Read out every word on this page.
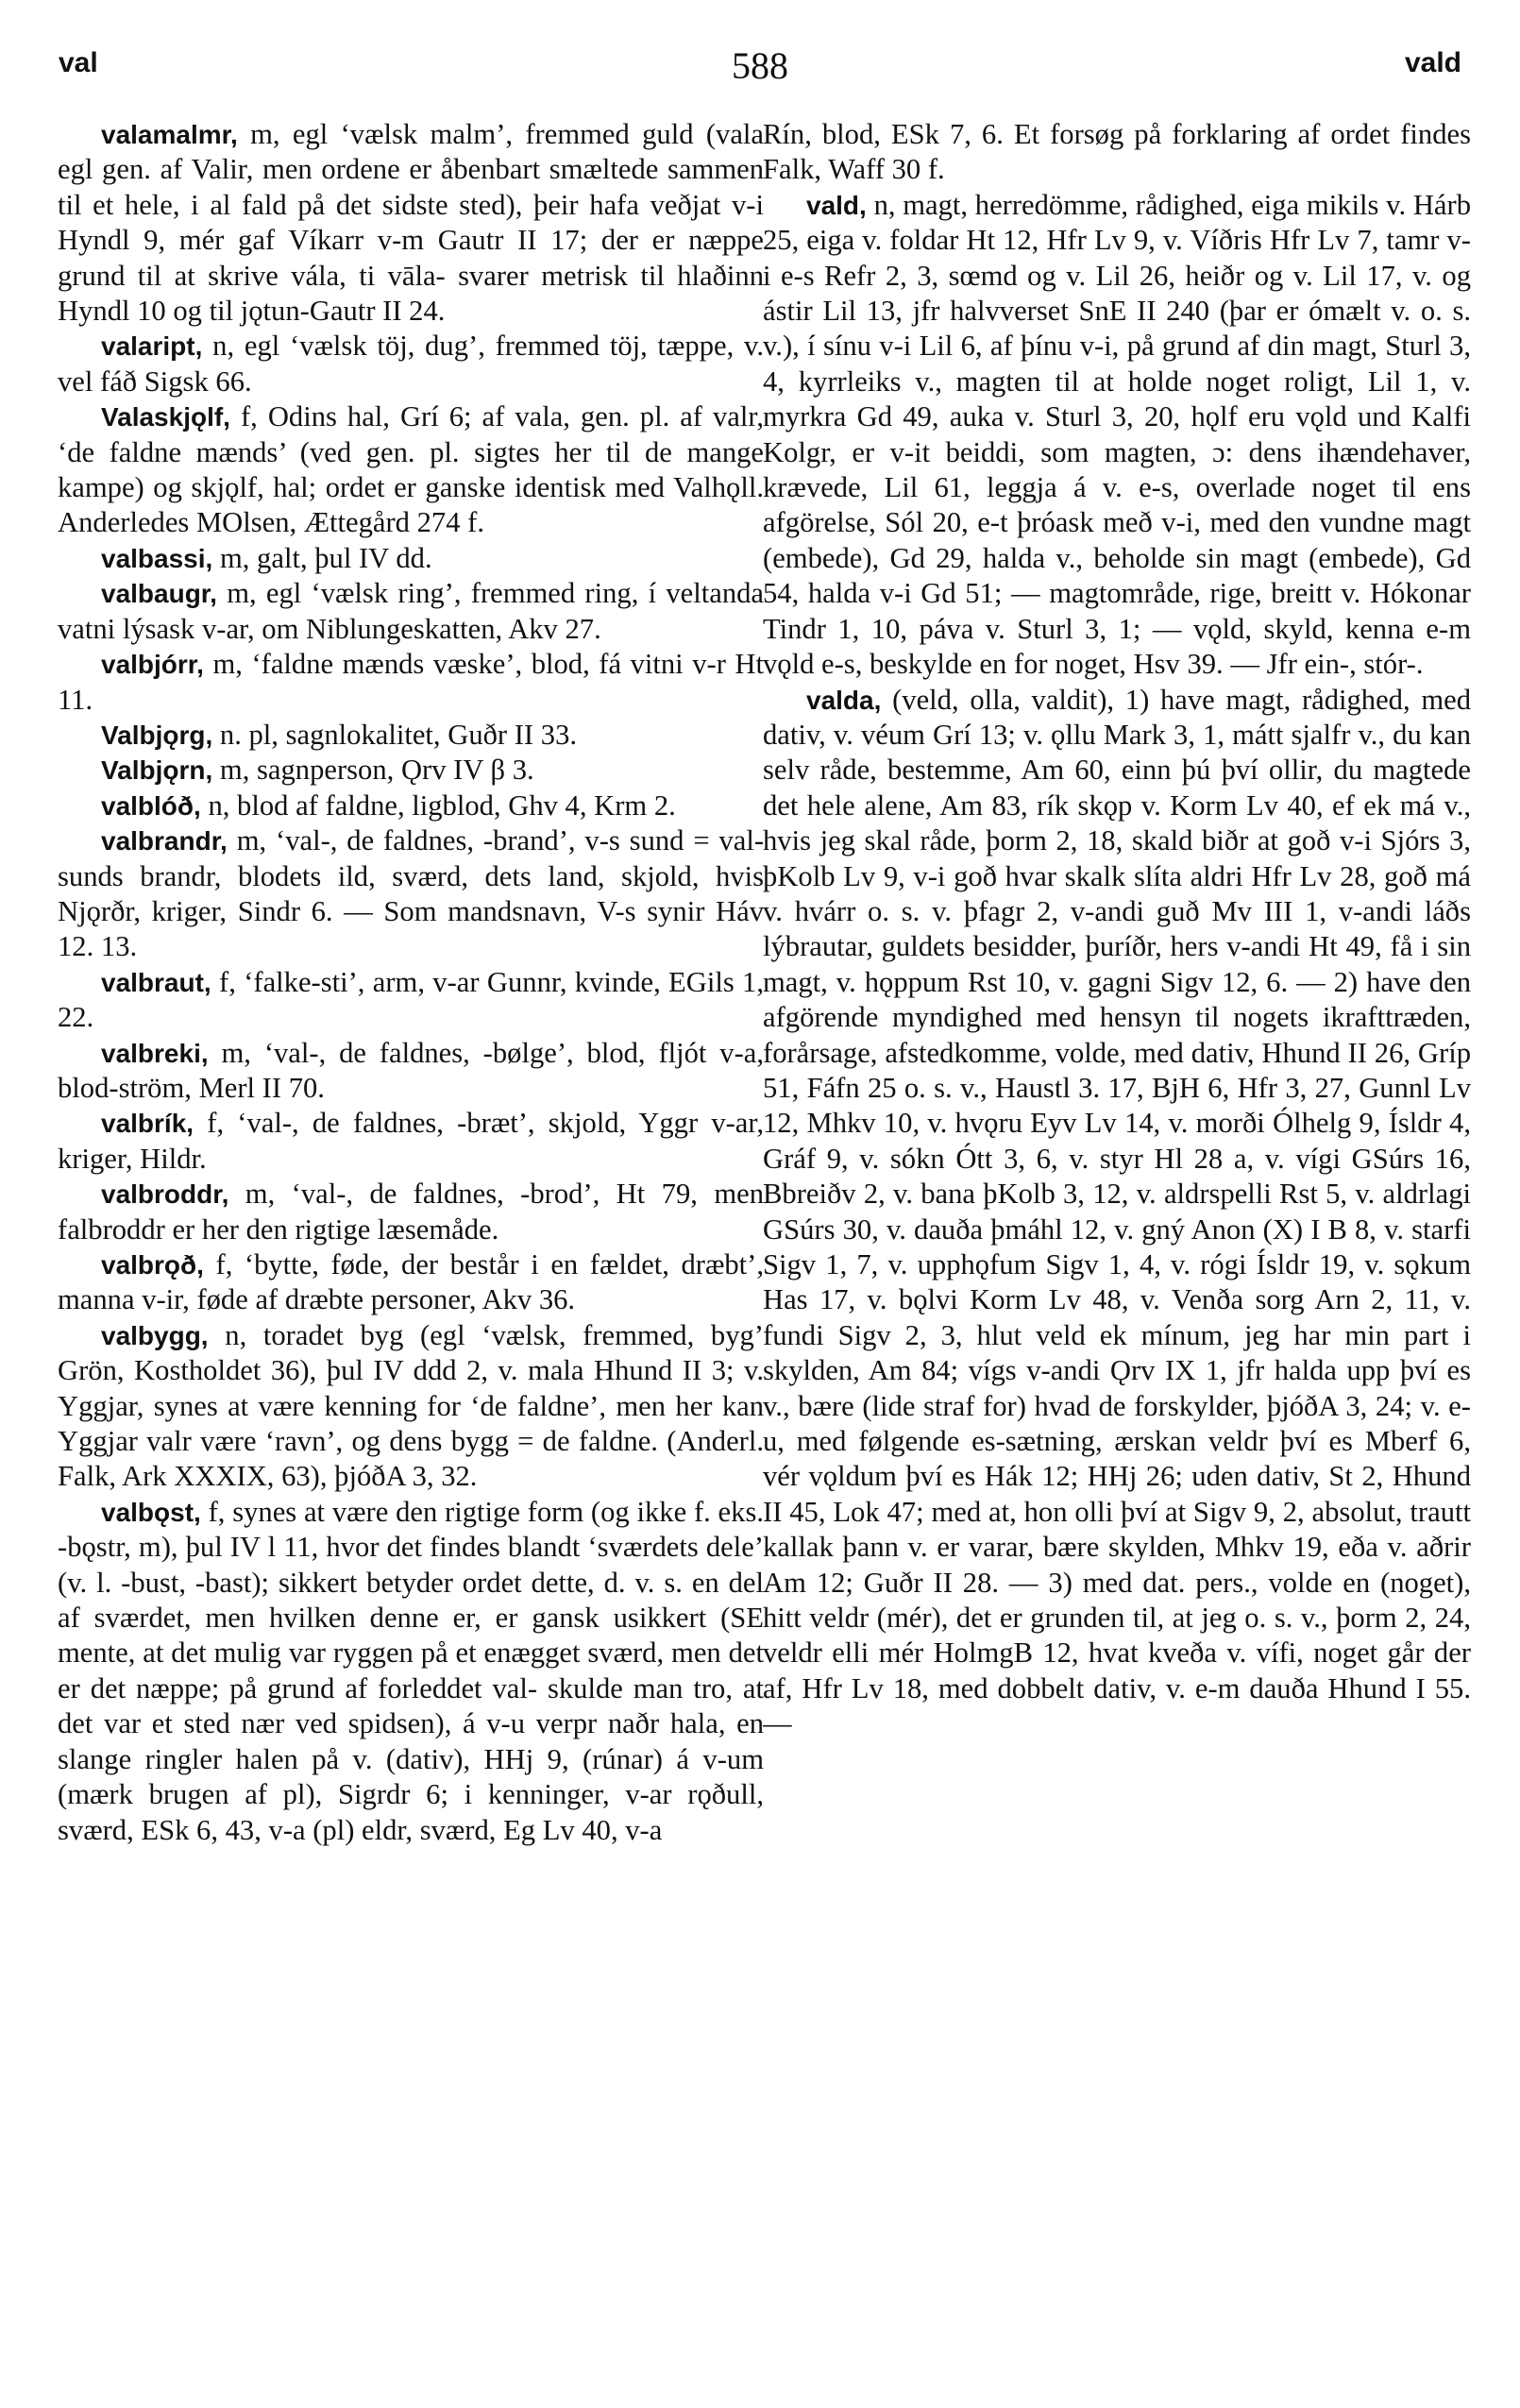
val	588	vald

valamalmr, m, egl ‘vælsk malm’, fremmed guld (vala egl gen. af Valir, men ordene er åbenbart smæltede sammen til et hele, i al fald på det sidste sted), þeir hafa veðjat v-i Hyndl 9, mér gaf Víkarr v-m Gautr II 17; der er næppe grund til at skrive vála, ti vāla- svarer metrisk til hlaðinn Hyndl 10 og til jǫtun-Gautr II 24.

valaript, n, egl ‘vælsk töj, dug’, fremmed töj, tæppe, v. vel fáð Sigsk 66.

Valaskjǫlf, f, Odins hal, Grí 6; af vala, gen. pl. af valr, ‘de faldne mænds’ (ved gen. pl. sigtes her til de mange kampe) og skjǫlf, hal; ordet er ganske identisk med Valhǫll. Anderledes MOlsen, Ættegård 274 f.

valbassi, m, galt, þul IV dd.

valbaugr, m, egl ‘vælsk ring’, fremmed ring, í veltanda vatni lýsask v-ar, om Niblungeskatten, Akv 27.

valbjórr, m, ‘faldne mænds væske’, blod, fá vitni v-r Ht 11.

Valbjǫrg, n. pl, sagnlokalitet, Guðr II 33.

Valbjǫrn, m, sagnperson, Ǫrv IV β 3.

valblóð, n, blod af faldne, ligblod, Ghv 4, Krm 2.

valbrandr, m, ‘val-, de faldnes, -brand’, v-s sund = val-sunds brandr, blodets ild, sværd, dets land, skjold, hvis Njǫrðr, kriger, Sindr 6. — Som mandsnavn, V-s synir Háv 12. 13.

valbraut, f, ‘falke-sti’, arm, v-ar Gunnr, kvinde, EGils 1, 22.

valbreki, m, ‘val-, de faldnes, -bølge’, blod, fljót v-a, blod-ström, Merl II 70.

valbrík, f, ‘val-, de faldnes, -bræt’, skjold, Yggr v-ar, kriger, Hildr.

valbroddr, m, ‘val-, de faldnes, -brod’, Ht 79, men falbroddr er her den rigtige læsemåde.

valbrǫð, f, ‘bytte, føde, der består i en fældet, dræbt’, manna v-ir, føde af dræbte personer, Akv 36.

valbygg, n, toradet byg (egl ‘vælsk, fremmed, byg’ Grön, Kostholdet 36), þul IV ddd 2, v. mala Hhund II 3; v. Yggjar, synes at være kenning for ‘de faldne’, men her kan Yggjar valr være ‘ravn’, og dens bygg = de faldne. (Anderl. Falk, Ark XXXIX, 63), þjóðA 3, 32.

valbǫst, f, synes at være den rigtige form (og ikke f. eks. -bǫstr, m), þul IV l 11, hvor det findes blandt ‘sværdets dele’ (v. l. -bust, -bast); sikkert betyder ordet dette, d. v. s. en del af sværdet, men hvilken denne er, er gansk usikkert (SE mente, at det mulig var ryggen på et enægget sværd, men det er det næppe; på grund af forleddet val- skulde man tro, at det var et sted nær ved spidsen), á v-u verpr naðr hala, en slange ringler halen på v. (dativ), HHj 9, (rúnar) á v-um (mærk brugen af pl), Sigrdr 6; i kenninger, v-ar rǫðull, sværd, ESk 6, 43, v-a (pl) eldr, sværd, Eg Lv 40, v-a

Rín, blod, ESk 7, 6. Et forsøg på forklaring af ordet findes Falk, Waff 30 f.

vald, n, magt, herredömme, rådighed, eiga mikils v. Hárb 25, eiga v. foldar Ht 12, Hfr Lv 9, v. Víðris Hfr Lv 7, tamr v-i e-s Refr 2, 3, sœmd og v. Lil 26, heiðr og v. Lil 17, v. og ástir Lil 13, jfr halvverset SnE II 240 (þar er ómælt v. o. s. v.), í sínu v-i Lil 6, af þínu v-i, på grund af din magt, Sturl 3, 4, kyrrleiks v., magten til at holde noget roligt, Lil 1, v. myrkra Gd 49, auka v. Sturl 3, 20, hǫlf eru vǫld und Kalfi Kolgr, er v-it beiddi, som magten, ɔ: dens ihændehaver, krævede, Lil 61, leggja á v. e-s, overlade noget til ens afgörelse, Sól 20, e-t þróask með v-i, med den vundne magt (embede), Gd 29, halda v., beholde sin magt (embede), Gd 54, halda v-i Gd 51; — magtområde, rige, breitt v. Hókonar Tindr 1, 10, páva v. Sturl 3, 1; — vǫld, skyld, kenna e-m vǫld e-s, beskylde en for noget, Hsv 39. — Jfr ein-, stór-.

valda, (veld, olla, valdit), 1) have magt, rådighed, med dativ, v. véum Grí 13; v. ǫllu Mark 3, 1, mátt sjalfr v., du kan selv råde, bestemme, Am 60, einn þú því ollir, du magtede det hele alene, Am 83, rík skǫp v. Korm Lv 40, ef ek má v., hvis jeg skal råde, þorm 2, 18, skald biðr at goð v-i Sjórs 3, þKolb Lv 9, v-i goð hvar skalk slíta aldri Hfr Lv 28, goð má v. hvárr o. s. v. þfagr 2, v-andi guð Mv III 1, v-andi láðs lýbrautar, guldets besidder, þuríðr, hers v-andi Ht 49, få i sin magt, v. hǫppum Rst 10, v. gagni Sigv 12, 6. — 2) have den afgörende myndighed med hensyn til nogets ikrafttræden, forårsage, afstedkomme, volde, med dativ, Hhund II 26, Gríp 51, Fáfn 25 o. s. v., Haustl 3. 17, BjH 6, Hfr 3, 27, Gunnl Lv 12, Mhkv 10, v. hvǫru Eyv Lv 14, v. morði Ólhelg 9, Ísldr 4, Gráf 9, v. sókn Ótt 3, 6, v. styr Hl 28 a, v. vígi GSúrs 16, Bbreiðv 2, v. bana þKolb 3, 12, v. aldrspelli Rst 5, v. aldrlagi GSúrs 30, v. dauða þmáhl 12, v. gný Anon (X) I B 8, v. starfi Sigv 1, 7, v. upphǫfum Sigv 1, 4, v. rógi Ísldr 19, v. sǫkum Has 17, v. bǫlvi Korm Lv 48, v. Venða sorg Arn 2, 11, v. fundi Sigv 2, 3, hlut veld ek mínum, jeg har min part i skylden, Am 84; vígs v-andi Ǫrv IX 1, jfr halda upp því es v., bære (lide straf for) hvad de forskylder, þjóðA 3, 24; v. e-u, med følgende es-sætning, ærskan veldr því es Mberf 6, vér vǫldum því es Hák 12; HHj 26; uden dativ, St 2, Hhund II 45, Lok 47; med at, hon olli því at Sigv 9, 2, absolut, trautt kallak þann v. er varar, bære skylden, Mhkv 19, eða v. aðrir Am 12; Guðr II 28. — 3) med dat. pers., volde en (noget), hitt veldr (mér), det er grunden til, at jeg o. s. v., þorm 2, 24, veldr elli mér HolmgB 12, hvat kveða v. vífi, noget går der af, Hfr Lv 18, med dobbelt dativ, v. e-m dauða Hhund I 55. —
